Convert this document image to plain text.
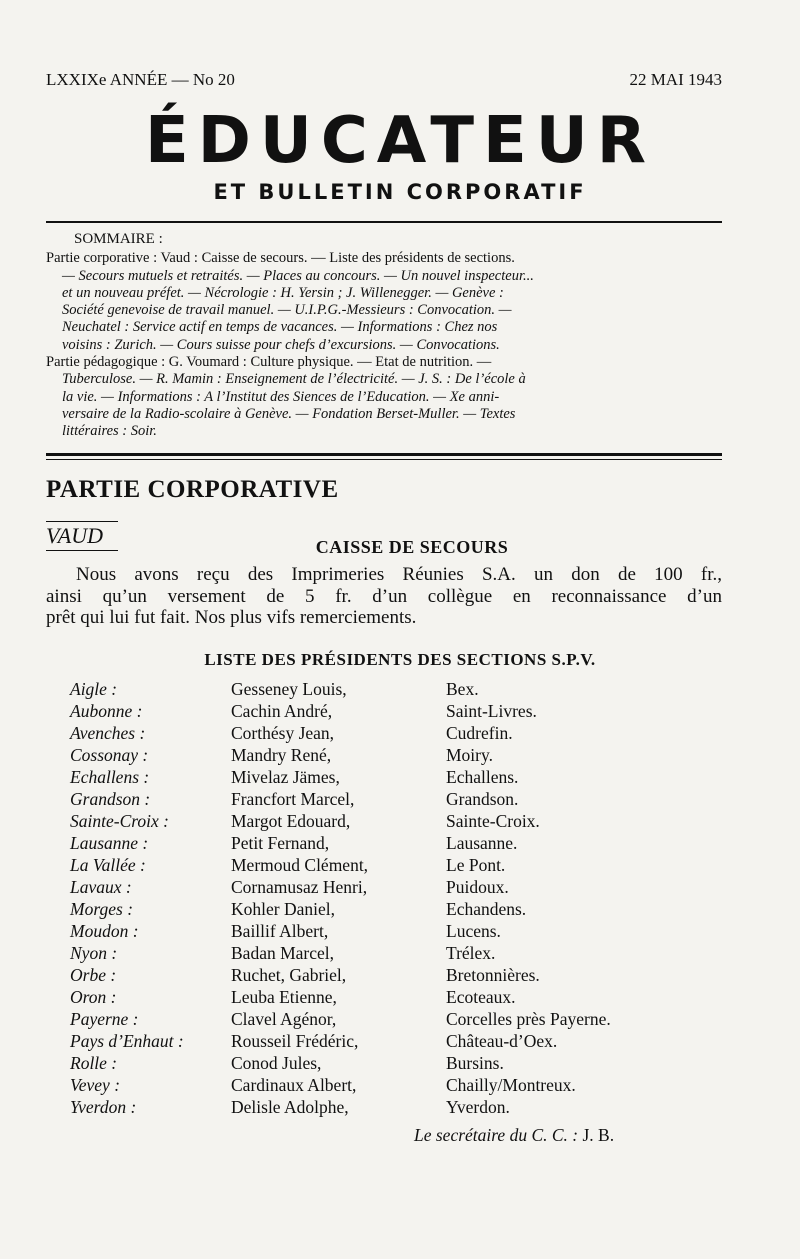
LXXIXe ANNÉE — No 20	22 MAI 1943
ÉDUCATEUR
ET BULLETIN CORPORATIF
SOMMAIRE :
Partie corporative : Vaud : Caisse de secours. — Liste des présidents de sections.
— Secours mutuels et retraités. — Places au concours. — Un nouvel inspecteur...
et un nouveau préfet. — Nécrologie : H. Yersin ; J. Willenegger. — Genève :
Société genevoise de travail manuel. — U.I.P.G.-Messieurs : Convocation. —
Neuchatel : Service actif en temps de vacances. — Informations : Chez nos
voisins : Zurich. — Cours suisse pour chefs d’excursions. — Convocations.
Partie pédagogique : G. Voumard : Culture physique. — Etat de nutrition. —
Tuberculose. — R. Mamin : Enseignement de l’électricité. — J. S. : De l’école à
la vie. — Informations : A l’Institut des Siences de l’Education. — Xe anni-
versaire de la Radio-scolaire à Genève. — Fondation Berset-Muller. — Textes
littéraires : Soir.
PARTIE CORPORATIVE
VAUD	CAISSE DE SECOURS
Nous avons reçu des Imprimeries Réunies S.A. un don de 100 fr.,
ainsi qu’un versement de 5 fr. d’un collègue en reconnaissance d’un
prêt qui lui fut fait. Nos plus vifs remerciements.
LISTE DES PRÉSIDENTS DES SECTIONS S.P.V.
Aigle :	Gesseney Louis,	Bex.
Aubonne :	Cachin André,	Saint-Livres.
Avenches :	Corthésy Jean,	Cudrefin.
Cossonay :	Mandry René,	Moiry.
Echallens :	Mivelaz Jämes,	Echallens.
Grandson :	Francfort Marcel,	Grandson.
Sainte-Croix :	Margot Edouard,	Sainte-Croix.
Lausanne :	Petit Fernand,	Lausanne.
La Vallée :	Mermoud Clément,	Le Pont.
Lavaux :	Cornamusaz Henri,	Puidoux.
Morges :	Kohler Daniel,	Echandens.
Moudon :	Baillif Albert,	Lucens.
Nyon :	Badan Marcel,	Trélex.
Orbe :	Ruchet, Gabriel,	Bretonnières.
Oron :	Leuba Etienne,	Ecoteaux.
Payerne :	Clavel Agénor,	Corcelles près Payerne.
Pays d’Enhaut :	Rousseil Frédéric,	Château-d’Oex.
Rolle :	Conod Jules,	Bursins.
Vevey :	Cardinaux Albert,	Chailly/Montreux.
Yverdon :	Delisle Adolphe,	Yverdon.
Le secrétaire du C. C. : J. B.
